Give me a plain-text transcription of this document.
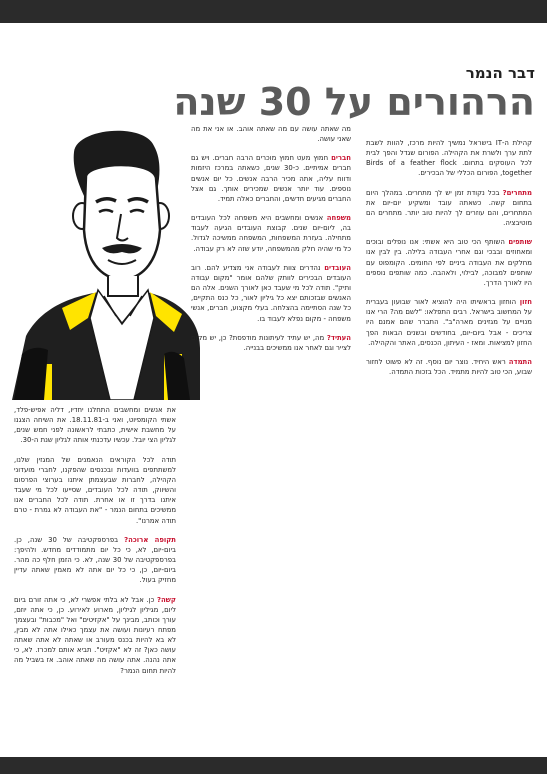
דבר הנמר
הרהורים על 30 שנה

את אנשים ומחשבים התחלנו יחדיו, דליה אפיש-פלד, אשתי הקומפיוט, ואני ב-18.11.81. את השיחה הצגנו על מחשבת אישית, כתבתי לראשונה לפני חמש שנים, לגליון הצי יובל. עכשיו עדכנתי אותה לגליון שנת ה-30.

תודה לכל הקוראים הנאמנים של המגזין שלנו, למשתתפים בוועדות ובכנסים שהפקנו, לחברי מועדוני הקהילה, לחברות שבעצמתן איתנו בערוצי הפרסום והשיווק, תודה לכל העובדים, שסייעו לכל מי שעבד איתנו בדרך זו או אחרת. תודה לכל החברים אנו ממשיכים בתחום הנמר - "את העבודה לא גמרת - טרם תודה אמרנו".

תקופה ארוכה? בפרספקטיבה של 30 שנה, כן. ביום-יום, לא, כי כל יום מתמודדים מחדש. ולהיפך: בפרספקטיבה של 30 שנה, לא. כי הזמן חלף כה מהר. ביום-יום, כן, כי כל יום אתה לא מאמין שאתה עדיין מחזיק בעול.

קשה? כן. אבל לא בלתי אפשרי לא, כי אתה זורם ביום ליום, מגיליון לגיליון, מארוע לאירוע. כן, כי אתה יוזם, עורך וכותב, מבינך על "אקזיטים" ואל "מכבות" ובעצמך מפתח רעיונות ועושה את עצמך כאילו אתה לא מבין, לא בא להיות בכנס מעורב או שאתה לא אתה שאתה עושה כאן? זה לא "אקזיט". תביא אותם למכרז. לא, כי אתה נהנה. אתה עושה מה שאתה אוהב. אז בשביל מה להיות תחום הנמר?

מה שאתה עושה עם מה שאתה אוהב. או אני את מה שאני עושה.

חברים חמוץ מעט חמוץ מוכרים הרבה חברים. ויש גם חברים אמיתיים. כ-30 שנים, כשאתה במרכז היזמות ודווח עליה, אתה מכיר הרבה אנשים. כל יום אנשים נוספים. עוד יותר אנשים שמכירים אותך. גם אצל החברים מגיעים חדשים, והחברים כאלה תמיד.

משפחה אנשים ומחשבים היא משפחה לכל העובדים בה, ליום-יום שנים. קבוצת העובדים הגיעה לעבוד מתחילה. בעזרת המשפחות, המשפחה ממשיכה לגדול. כל מי שהיה חלק מהמשפחה, יודע שזה לא רק עבודה.

העובדים נהדרים צוות לעבודה אני מצדיע להם. רוב העובדים הבכירים לוותק שלהם אומר "מקום עבודה ותיק". תודה לכל מי שעבד כאן לאורך השנים. אלה הם האנשים שבזכותם יצא כל גיליון לאור, כל כנס התקיים, כל שנה הסתיימה בהצלחה. בעלי מקצוע, חברים, אנשי משפחה - מקום נפלא לעבוד בו.

העתיד? מה, יש עתיד לעיתונות מודפסת? כן, יש מקום לצייר וגם לאחר אנו ממשיכים בבנייה.

קהילת ה-IT בישראל נמשיך להיות מרכז, להוות לשבת לתת ערך ולשרת את הקהילה. הפורום שגדל והפך לבית לכל העוסקים בתחום. Birds of a feather flock together, הפורום הכללי של הבכירים.

מתחרים? בכל נקודת זמן יש לך מתחרים. במהלך היום בתחום קשה. כשאתה עובד ומשקיע יום-יום את המתחרים, והם עוזרים לך להיות טוב יותר. מתחרים הם מוטיבציה.

שותפים השותף הכי טוב היא אשתי: אנו נופלים ובוכים ומאחוזים ובבכי וגם אחרי העבודה בלילה. בין לבין אנו מחלקים את העבודה ביניים לפי החומים. הקומפוט עם שותפים למבוכה, לבילוי, ולאהבה. כמה שותפים נוספים היו לאורך הדרך.

חזון הוחזון בראשיתו היה להוציא לאור שבועון בעברית על המחשוב בישראל. רבים התפלאו: "לשם מה? הרי אנו מנויים על מגזינים מארה"ב". התברר שהם אמנם היו צריכים - אבל ביום-יום, בחודשים ובשנים הבאות הפך החזון למציאות. ומאז - העיתון, הכנסים, האתר והקהילה.

התמדה ראש היחיד. נוצר יום נוסף. זה לא פשוט לחזור שבוע, הכי טוב להיות מתמיד. הכל בזכות התמדה.
